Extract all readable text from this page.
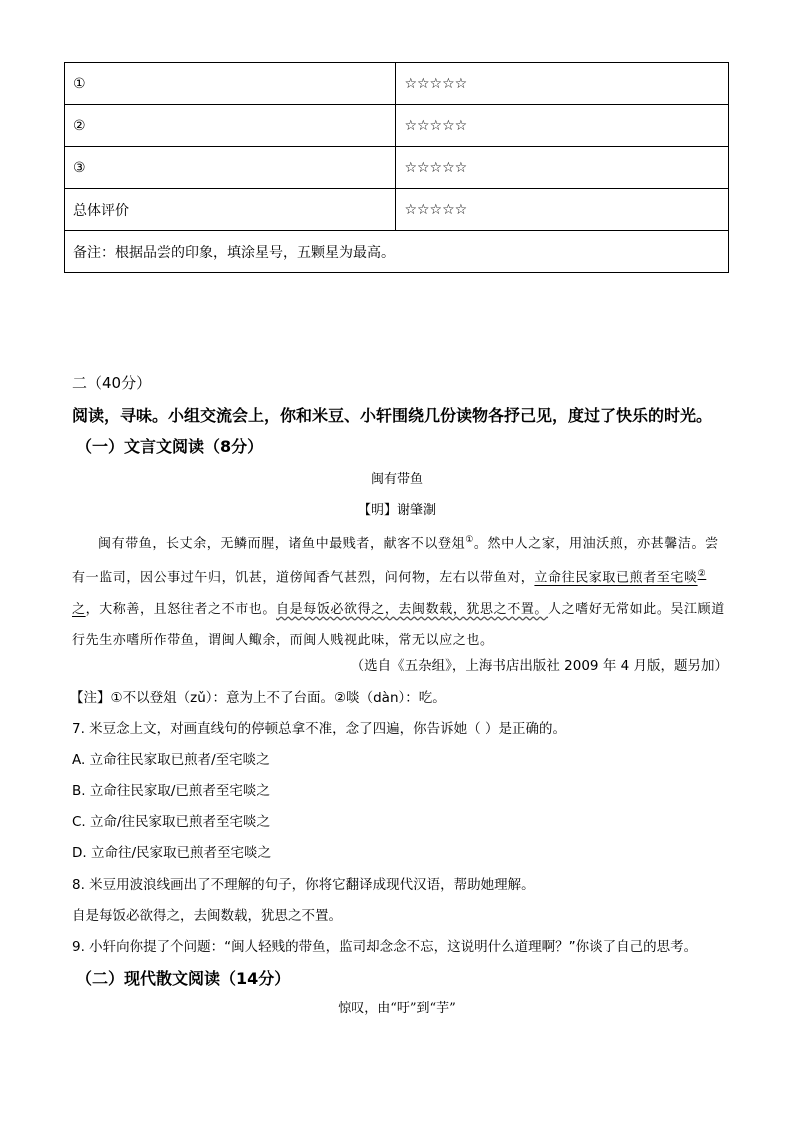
①	☆☆☆☆☆
②	☆☆☆☆☆
③	☆☆☆☆☆
总体评价	☆☆☆☆☆
备注：根据品尝的印象，填涂星号，五颗星为最高。	
二（40分）
阅读，寻味。小组交流会上，你和米豆、小轩围绕几份读物各抒己见，度过了快乐的时光。
（一）文言文阅读（8分）
闽有带鱼
【明】谢肇淛
闽有带鱼，长丈余，无鳞而腥，诸鱼中最贱者，献客不以登俎①。然中人之家，用油沃煎，亦甚馨洁。尝有一监司，因公事过午归，饥甚，道傍闻香气甚烈，问何物，左右以带鱼对，立命往民家取已煎者至宅啖②之，大称善，且怒往者之不市也。自是每饭必欲得之，去闽数载，犹思之不置。人之嗜好无常如此。吴江顾道行先生亦嗜所作带鱼，谓闽人鲰余，而闽人贱视此味，常无以应之也。
（选自《五杂组》，上海书店出版社 2009 年 4 月版，题另加）
【注】①不以登俎（zǔ）：意为上不了台面。②啖（dàn）：吃。
7. 米豆念上文，对画直线句的停顿总拿不准，念了四遍，你告诉她（ ）是正确的。
A. 立命往民家取已煎者/至宅啖之
B. 立命往民家取/已煎者至宅啖之
C. 立命/往民家取已煎者至宅啖之
D. 立命往/民家取已煎者至宅啖之
8. 米豆用波浪线画出了不理解的句子，你将它翻译成现代汉语，帮助她理解。
自是每饭必欲得之，去闽数载，犹思之不置。
9. 小轩向你提了个问题：“闽人轻贱的带鱼，监司却念念不忘，这说明什么道理啊？”你谈了自己的思考。
（二）现代散文阅读（14分）
惊叹，由“吁”到“芋”
